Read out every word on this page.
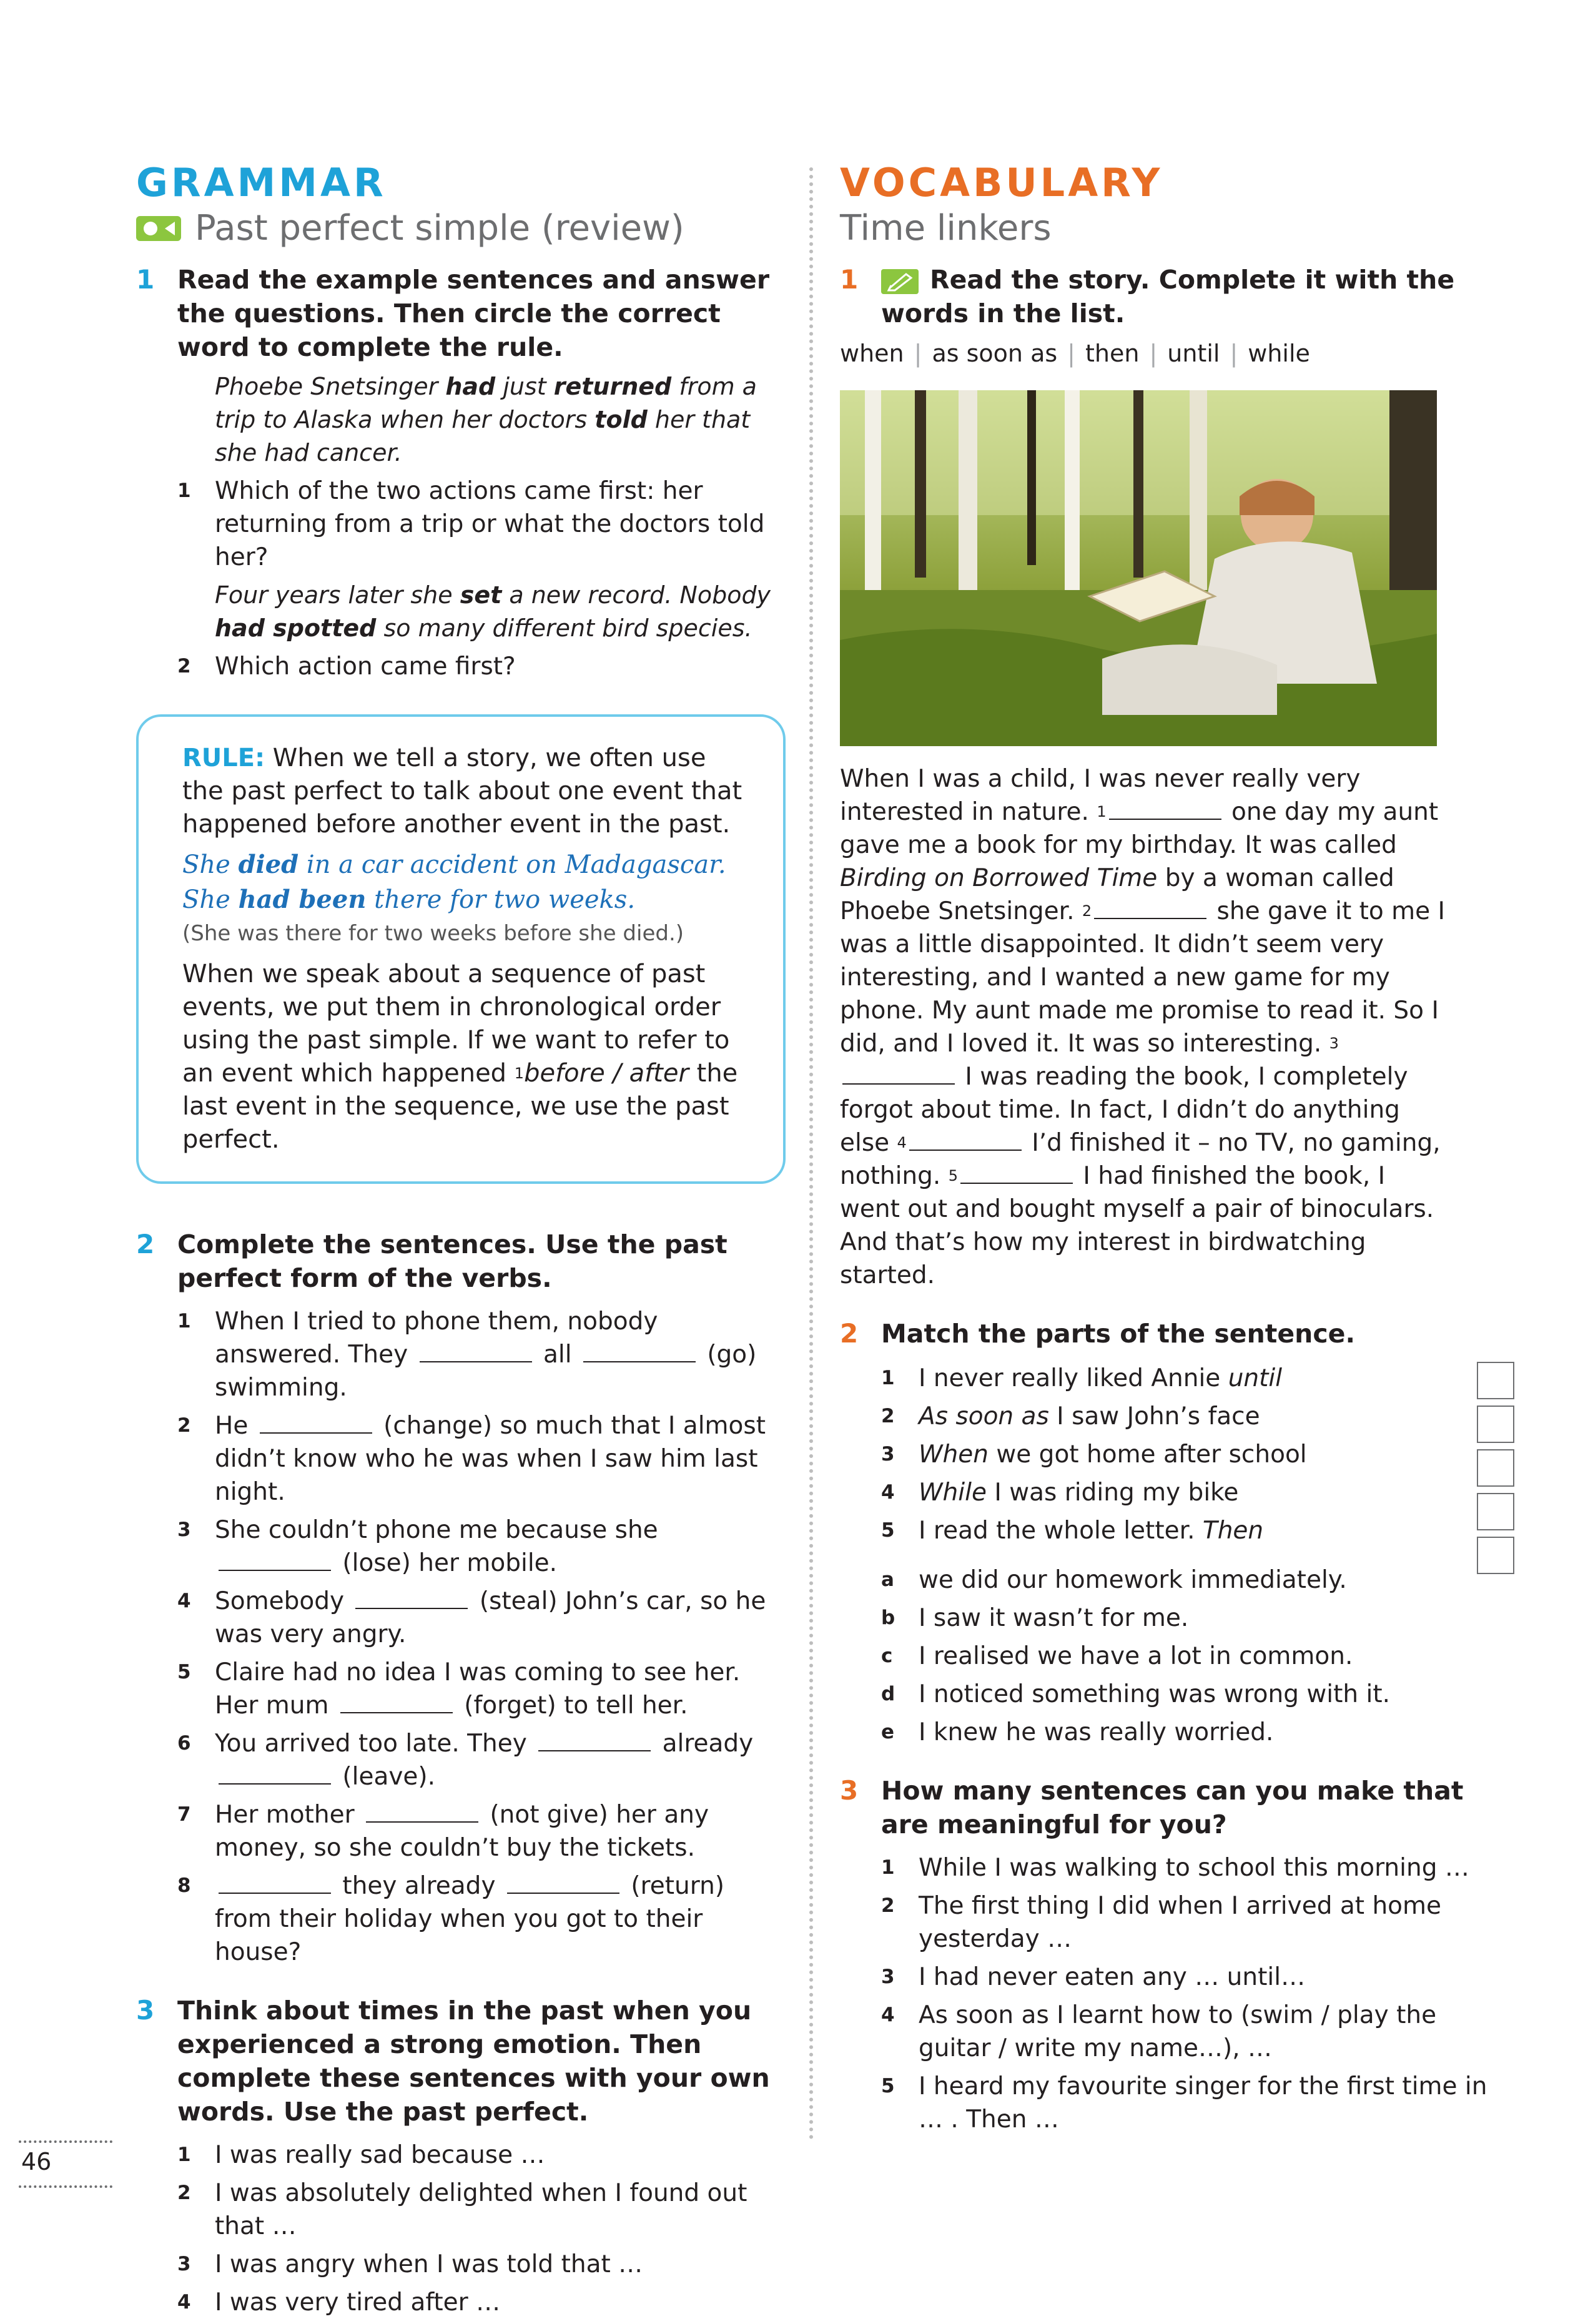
GRAMMAR
Past perfect simple (review)
1 Read the example sentences and answer the questions. Then circle the correct word to complete the rule.

Phoebe Snetsinger had just returned from a trip to Alaska when her doctors told her that she had cancer.
1 Which of the two actions came first: her returning from a trip or what the doctors told her?
Four years later she set a new record. Nobody had spotted so many different bird species.
2 Which action came first?
RULE: When we tell a story, we often use the past perfect to talk about one event that happened before another event in the past.
She died in a car accident on Madagascar.
She had been there for two weeks.
(She was there for two weeks before she died.)
When we speak about a sequence of past events, we put them in chronological order using the past simple. If we want to refer to an event which happened $^1$before / after the last event in the sequence, we use the past perfect.
2 Complete the sentences. Use the past perfect form of the verbs.

1 When I tried to phone them, nobody answered. They	all	(go) swimming.
2 He	(change) so much that I almost didn’t know who he was when I saw him last night.
3 She couldn’t phone me because she  (lose) her mobile.
4 Somebody	(steal) John’s car, so he was very angry.
5 Claire had no idea I was coming to see her. Her mum	(forget) to tell her.
6 You arrived too late. They	already  (leave).
7 Her mother	(not give) her any money, so she couldn’t buy the tickets.
8	they already	(return) from their holiday when you got to their house?
3 Think about times in the past when you experienced a strong emotion. Then complete these sentences with your own words. Use the past perfect.

1 I was really sad because …
2 I was absolutely delighted when I found out that …
3 I was angry when I was told that …
4 I was very tired after …
VOCABULARY
Time linkers
1	Read the story. Complete it with the words in the list.

when | as soon as | then | until | while
When I was a child, I was never really very interested in nature. $^1$	one day my aunt gave me a book for my birthday. It was called Birding on Borrowed Time by a woman called Phoebe Snetsinger. $^2$	she gave it to me I was a little disappointed. It didn’t seem very interesting, and I wanted a new game for my phone. My aunt made me promise to read it. So I did, and I loved it. It was so interesting. $^3$ I was reading the book, I completely forgot about time. In fact, I didn’t do anything else $^4$	I’d finished it – no TV, no gaming, nothing. $^5$	I had finished the book, I went out and bought myself a pair of binoculars. And that’s how my interest in birdwatching started.
2 Match the parts of the sentence.

1 I never really liked Annie until
2 As soon as I saw John’s face
3 When we got home after school
4 While I was riding my bike
5 I read the whole letter. Then
a we did our homework immediately.
b I saw it wasn’t for me.
c I realised we have a lot in common.
d I noticed something was wrong with it.
e I knew he was really worried.
3 How many sentences can you make that are meaningful for you?

1 While I was walking to school this morning …
2 The first thing I did when I arrived at home yesterday …
3 I had never eaten any … until…
4 As soon as I learnt how to (swim / play the guitar / write my name…), …
5 I heard my favourite singer for the first time in … . Then …
46
